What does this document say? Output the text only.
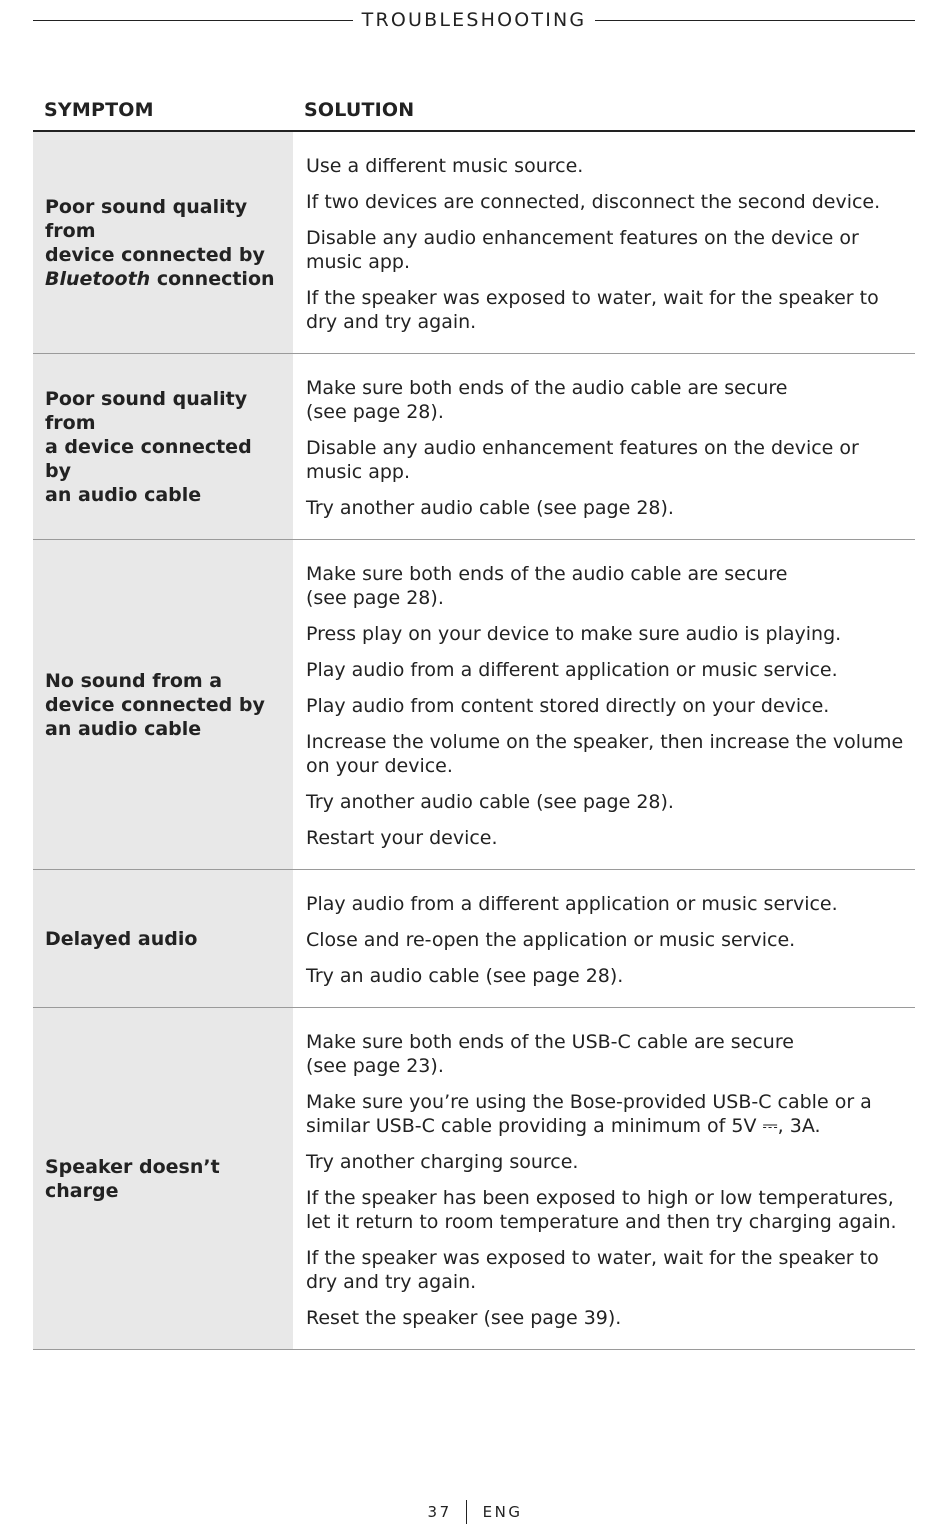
TROUBLESHOOTING
SYMPTOM	SOLUTION
Poor sound quality from
device connected by
Bluetooth connection

Use a different music source.

If two devices are connected, disconnect the second device.

Disable any audio enhancement features on the device or music app.

If the speaker was exposed to water, wait for the speaker to dry and try again.

Poor sound quality from
a device connected by
an audio cable

Make sure both ends of the audio cable are secure
(see page 28).

Disable any audio enhancement features on the device or music app.

Try another audio cable (see page 28).

No sound from a
device connected by
an audio cable

Make sure both ends of the audio cable are secure
(see page 28).

Press play on your device to make sure audio is playing.

Play audio from a different application or music service.

Play audio from content stored directly on your device.

Increase the volume on the speaker, then increase the volume on your device.

Try another audio cable (see page 28).

Restart your device.

Delayed audio

Play audio from a different application or music service.

Close and re-open the application or music service.

Try an audio cable (see page 28).

Speaker doesn’t charge

Make sure both ends of the USB-C cable are secure
(see page 23).

Make sure you’re using the Bose-provided USB-C cable or a similar USB-C cable providing a minimum of 5V ⎓, 3A.

Try another charging source.

If the speaker has been exposed to high or low temperatures, let it return to room temperature and then try charging again.

If the speaker was exposed to water, wait for the speaker to dry and try again.

Reset the speaker (see page 39).

37 ENG
